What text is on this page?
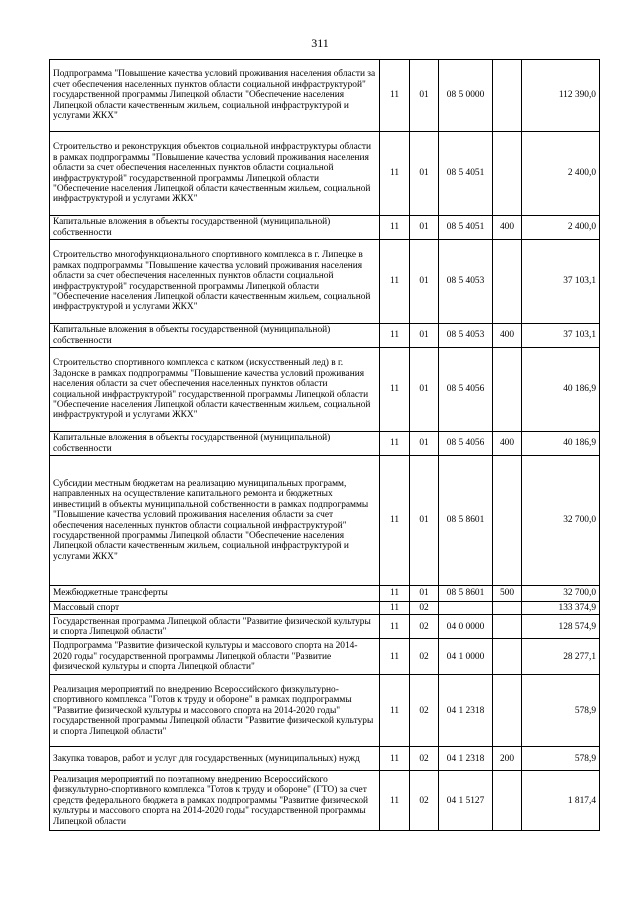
311
Подпрограмма "Повышение качества условий проживания населения области за счет обеспечения населенных пунктов области социальной инфраструктурой" государственной программы Липецкой области "Обеспечение населения Липецкой области качественным жильем, социальной инфраструктурой и услугами ЖКХ"	11	01	08 5 0000		112 390,0
Строительство и реконструкция объектов социальной инфраструктуры области в рамках подпрограммы "Повышение качества условий проживания населения области за счет обеспечения населенных пунктов области социальной инфраструктурой" государственной программы Липецкой области "Обеспечение населения Липецкой области качественным жильем, социальной инфраструктурой и услугами ЖКХ"	11	01	08 5 4051		2 400,0
Капитальные вложения в объекты государственной (муниципальной) собственности	11	01	08 5 4051	400	2 400,0
Строительство многофункционального спортивного комплекса в г. Липецке в рамках подпрограммы "Повышение качества условий проживания населения области за счет обеспечения населенных пунктов области социальной инфраструктурой" государственной программы Липецкой области "Обеспечение населения Липецкой области качественным жильем, социальной инфраструктурой и услугами ЖКХ"	11	01	08 5 4053		37 103,1
Капитальные вложения в объекты государственной (муниципальной) собственности	11	01	08 5 4053	400	37 103,1
Строительство спортивного комплекса с катком (искусственный лед) в г. Задонске в рамках подпрограммы "Повышение качества условий проживания населения области за счет обеспечения населенных пунктов области социальной инфраструктурой" государственной программы Липецкой области "Обеспечение населения Липецкой области качественным жильем, социальной инфраструктурой и услугами ЖКХ"	11	01	08 5 4056		40 186,9
Капитальные вложения в объекты государственной (муниципальной) собственности	11	01	08 5 4056	400	40 186,9
Субсидии местным бюджетам на реализацию муниципальных программ, направленных на осуществление капитального ремонта и бюджетных инвестиций в объекты муниципальной собственности в рамках подпрограммы "Повышение качества условий проживания населения области за счет обеспечения населенных пунктов области социальной инфраструктурой" государственной программы Липецкой области "Обеспечение населения Липецкой области качественным жильем, социальной инфраструктурой и услугами ЖКХ"	11	01	08 5 8601		32 700,0
Межбюджетные трансферты	11	01	08 5 8601	500	32 700,0
Массовый спорт	11	02			133 374,9
Государственная программа Липецкой области "Развитие физической культуры и спорта Липецкой области"	11	02	04 0 0000		128 574,9
Подпрограмма "Развитие физической культуры и массового спорта на 2014-2020 годы" государственной программы Липецкой области "Развитие физической культуры и спорта Липецкой области"	11	02	04 1 0000		28 277,1
Реализация мероприятий по внедрению Всероссийского физкультурно-спортивного комплекса "Готов к труду и обороне" в рамках подпрограммы "Развитие физической культуры и массового спорта на 2014-2020 годы" государственной программы Липецкой области "Развитие физической культуры и спорта Липецкой области"	11	02	04 1 2318		578,9
Закупка товаров, работ и услуг для государственных (муниципальных) нужд	11	02	04 1 2318	200	578,9
Реализация мероприятий по поэтапному внедрению Всероссийского физкультурно-спортивного комплекса "Готов к труду и обороне" (ГТО) за счет средств федерального бюджета в рамках подпрограммы "Развитие физической культуры и массового спорта на 2014-2020 годы" государственной программы Липецкой области	11	02	04 1 5127		1 817,4
